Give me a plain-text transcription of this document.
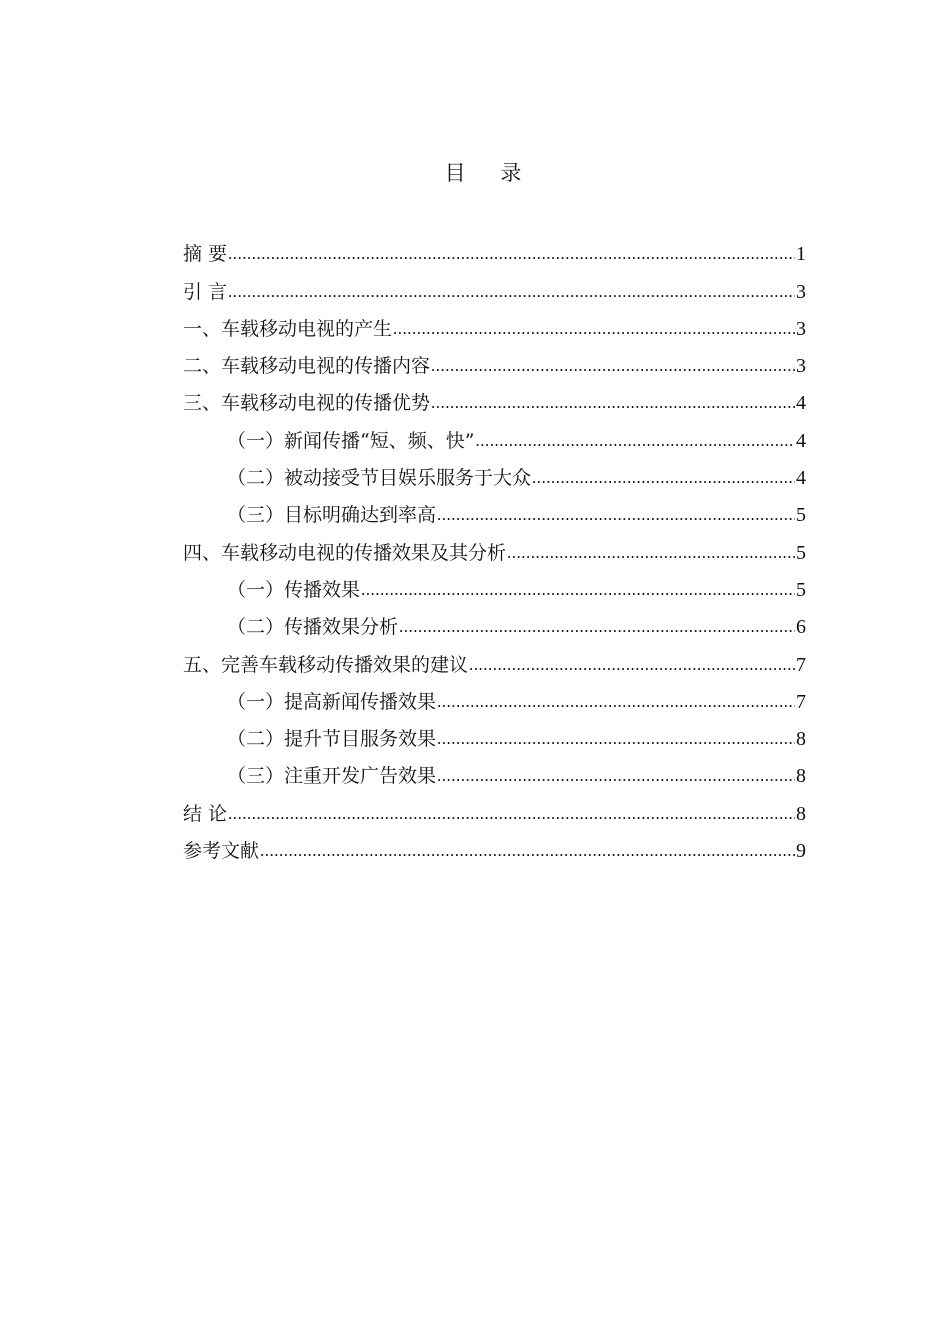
目 录
摘 要 .....	1
引 言 .....	3
一、车载移动电视的产生 .....	3
二、车载移动电视的传播内容 .....	3
三、车载移动电视的传播优势 .....	4
（一）新闻传播“短、频、快” .....	4
（二）被动接受节目娱乐服务于大众 .....	4
（三）目标明确达到率高 .....	5
四、车载移动电视的传播效果及其分析 .....	5
（一）传播效果 .....	5
（二）传播效果分析 .....	6
五、完善车载移动传播效果的建议 .....	7
（一）提高新闻传播效果 .....	7
（二）提升节目服务效果 .....	8
（三）注重开发广告效果 .....	8
结 论 .....	8
参考文献 .....	9
